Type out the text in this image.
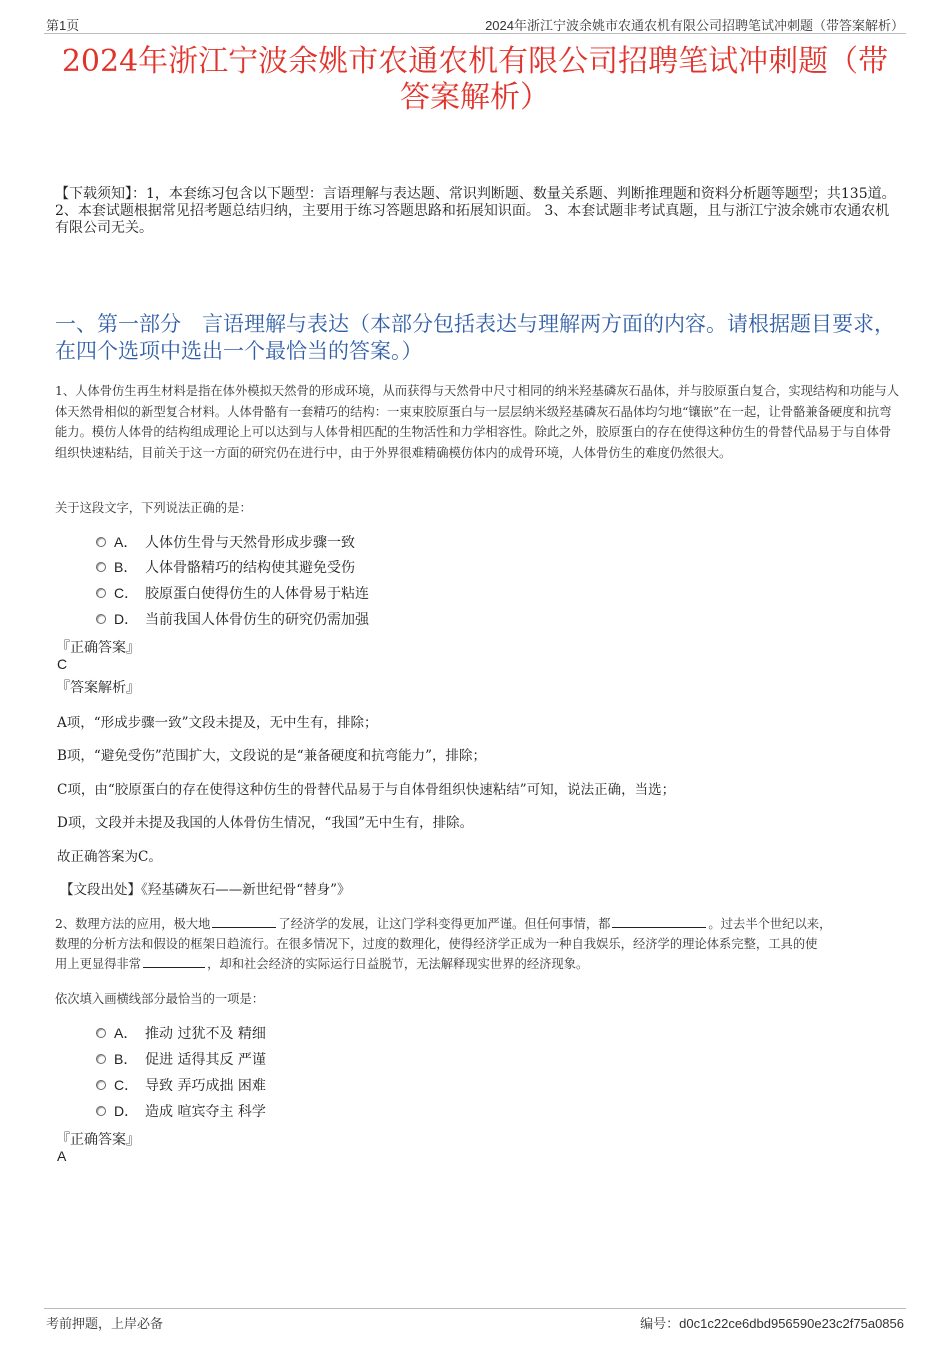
第1页	2024年浙江宁波余姚市农通农机有限公司招聘笔试冲刺题（带答案解析）
2024年浙江宁波余姚市农通农机有限公司招聘笔试冲刺题（带答案解析）
【下载须知】：1，本套练习包含以下题型：言语理解与表达题、常识判断题、数量关系题、判断推理题和资料分析题等题型；共135道。 2、本套试题根据常见招考题总结归纳，主要用于练习答题思路和拓展知识面。 3、本套试题非考试真题，且与浙江宁波余姚市农通农机有限公司无关。
一、第一部分　言语理解与表达（本部分包括表达与理解两方面的内容。请根据题目要求，在四个选项中选出一个最恰当的答案。）
1、人体骨仿生再生材料是指在体外模拟天然骨的形成环境，从而获得与天然骨中尺寸相同的纳米羟基磷灰石晶体，并与胶原蛋白复合，实现结构和功能与人体天然骨相似的新型复合材料。人体骨骼有一套精巧的结构：一束束胶原蛋白与一层层纳米级羟基磷灰石晶体均匀地“镶嵌”在一起，让骨骼兼备硬度和抗弯能力。模仿人体骨的结构组成理论上可以达到与人体骨相匹配的生物活性和力学相容性。除此之外，胶原蛋白的存在使得这种仿生的骨替代品易于与自体骨组织快速粘结，目前关于这一方面的研究仍在进行中，由于外界很难精确模仿体内的成骨环境，人体骨仿生的难度仍然很大。
关于这段文字，下列说法正确的是：
A． 人体仿生骨与天然骨形成步骤一致
B． 人体骨骼精巧的结构使其避免受伤
C． 胶原蛋白使得仿生的人体骨易于粘连
D． 当前我国人体骨仿生的研究仍需加强
『正确答案』
C
『答案解析』
A项，“形成步骤一致”文段未提及，无中生有，排除；
B项，“避免受伤”范围扩大，文段说的是“兼备硬度和抗弯能力”，排除；
C项，由“胶原蛋白的存在使得这种仿生的骨替代品易于与自体骨组织快速粘结”可知，说法正确，当选；
D项，文段并未提及我国的人体骨仿生情况，“我国”无中生有，排除。
故正确答案为C。
【文段出处】《羟基磷灰石——新世纪骨“替身”》
2、数理方法的应用，极大地	了经济学的发展，让这门学科变得更加严谨。但任何事情，都	。过去半个世纪以来，
数理的分析方法和假设的框架日趋流行。在很多情况下，过度的数理化，使得经济学正成为一种自我娱乐，经济学的理论体系完整，工具的使
用上更显得非常	，却和社会经济的实际运行日益脱节，无法解释现实世界的经济现象。
依次填入画横线部分最恰当的一项是：
A． 推动 过犹不及 精细
B． 促进 适得其反 严谨
C． 导致 弄巧成拙 困难
D． 造成 喧宾夺主 科学
『正确答案』
A
考前押题，上岸必备	编号：d0c1c22ce6dbd956590e23c2f75a0856
